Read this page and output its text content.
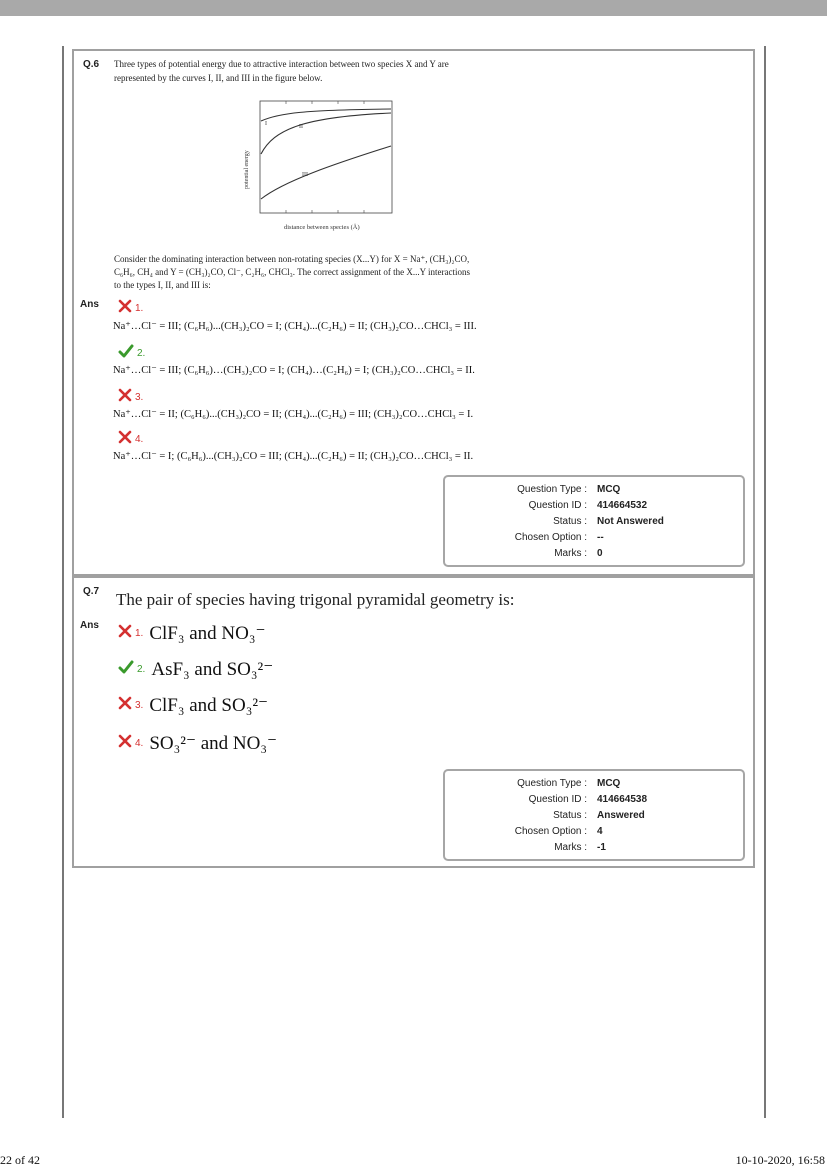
Q.6 Three types of potential energy due to attractive interaction between two species X and Y are
represented by the curves I, II, and III in the figure below.
I	II
III
potential energy
distance between species (Å)
Consider the dominating interaction between non-rotating species (X...Y) for X = Na⁺, (CH₃)₂CO,
C₆H₆, CH₄ and Y = (CH₃)₂CO, Cl⁻, C₂H₆, CHCl₃. The correct assignment of the X...Y interactions
to the types I, II, and III is:
Ans	1.
Na⁺…Cl⁻ = III; (C₆H₆)...(CH₃)₂CO = I; (CH₄)...(C₂H₆) = II; (CH₃)₂CO…CHCl₃ = III.
2.
Na⁺…Cl⁻ = III; (C₆H₆)…(CH₃)₂CO = I; (CH₄)…(C₂H₆) = I; (CH₃)₂CO…CHCl₃ = II.
3.
Na⁺…Cl⁻ = II; (C₆H₆)...(CH₃)₂CO = II; (CH₄)...(C₂H₆) = III; (CH₃)₂CO…CHCl₃ = I.
4.
Na⁺…Cl⁻ = I; (C₆H₆)...(CH₃)₂CO = III; (CH₄)...(C₂H₆) = II; (CH₃)₂CO…CHCl₃ = II.
Question Type : MCQ
Question ID : 414664532
Status : Not Answered
Chosen Option : --
Marks : 0
Q.7 The pair of species having trigonal pyramidal geometry is:
Ans
1. ClF₃ and NO₃⁻
2. AsF₃ and SO₃²⁻
3. ClF₃ and SO₃²⁻
4. SO₃²⁻ and NO₃⁻
Question Type : MCQ
Question ID : 414664538
Status : Answered
Chosen Option : 4
Marks : -1
22 of 42	10-10-2020, 16:58
